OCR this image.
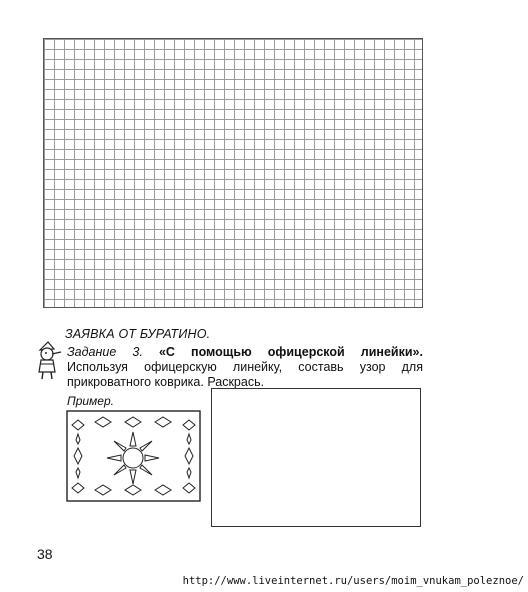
ЗАЯВКА ОТ БУРАТИНО.
Задание 3. «С помощью офицерской линейки». Используя офицерскую линейку, составь узор для прикроватного коврика. Раскрась.
Пример.
38
http://www.liveinternet.ru/users/moim_vnukam_poleznoe/
